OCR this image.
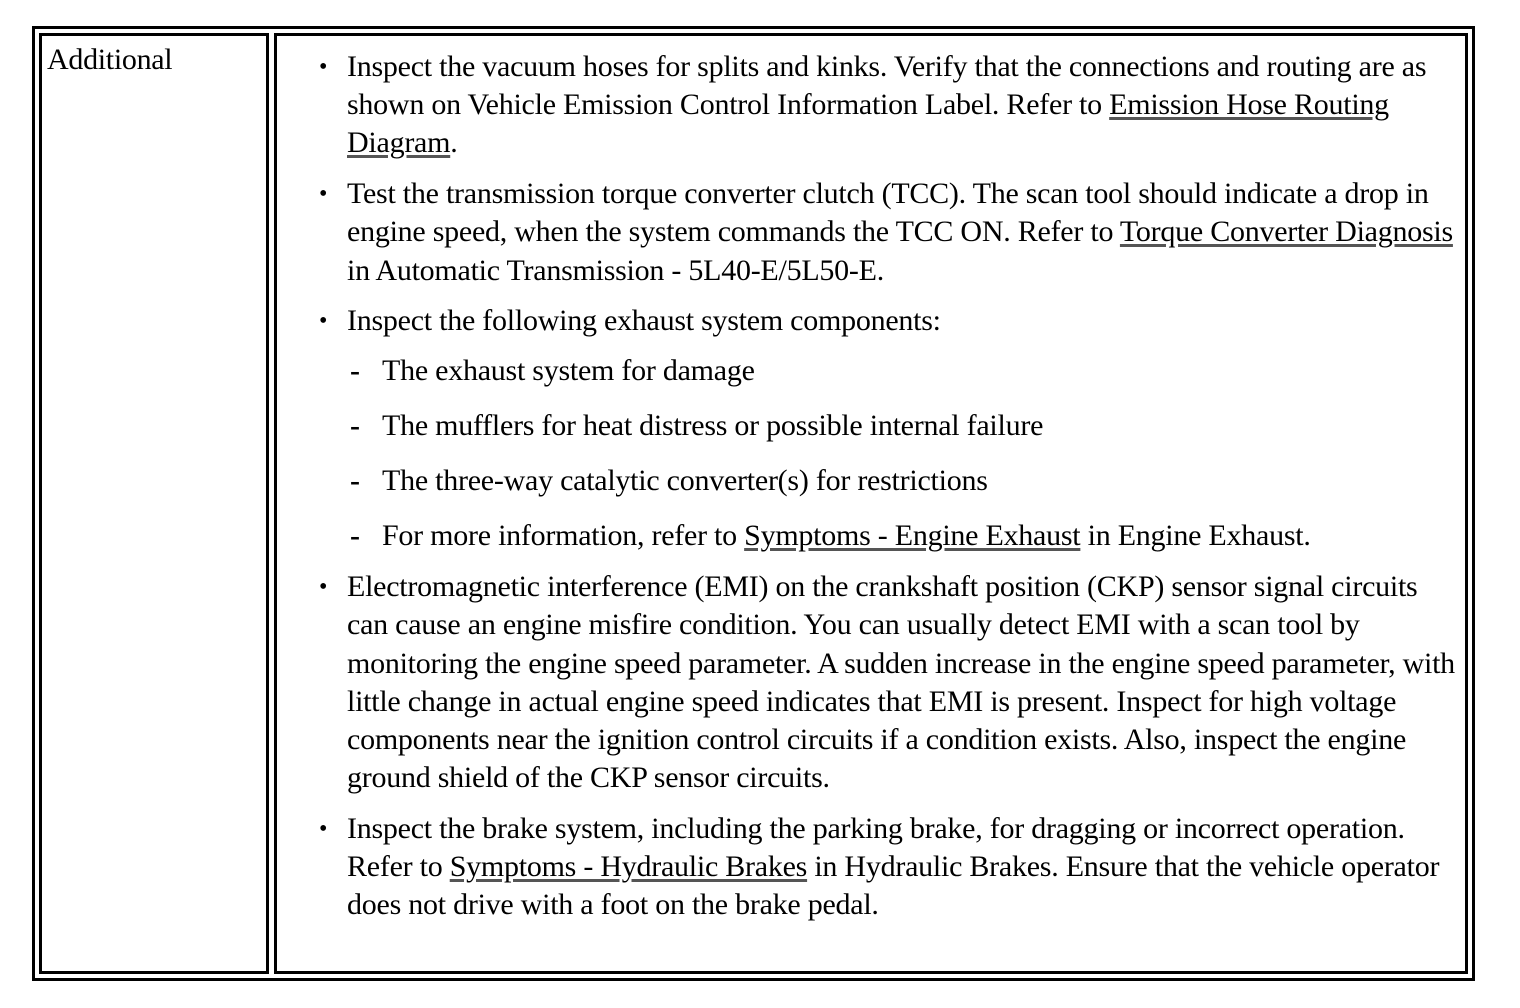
Additional	• Inspect the vacuum hoses for splits and kinks. Verify that the connections and routing are as shown on Vehicle Emission Control Information Label. Refer to Emission Hose Routing Diagram.
• Test the transmission torque converter clutch (TCC). The scan tool should indicate a drop in engine speed, when the system commands the TCC ON. Refer to Torque Converter Diagnosis in Automatic Transmission - 5L40-E/5L50-E.
• Inspect the following exhaust system components:
- The exhaust system for damage
- The mufflers for heat distress or possible internal failure
- The three-way catalytic converter(s) for restrictions
- For more information, refer to Symptoms - Engine Exhaust in Engine Exhaust.
• Electromagnetic interference (EMI) on the crankshaft position (CKP) sensor signal circuits can cause an engine misfire condition. You can usually detect EMI with a scan tool by monitoring the engine speed parameter. A sudden increase in the engine speed parameter, with little change in actual engine speed indicates that EMI is present. Inspect for high voltage components near the ignition control circuits if a condition exists. Also, inspect the engine ground shield of the CKP sensor circuits.
• Inspect the brake system, including the parking brake, for dragging or incorrect operation. Refer to Symptoms - Hydraulic Brakes in Hydraulic Brakes. Ensure that the vehicle operator does not drive with a foot on the brake pedal.
